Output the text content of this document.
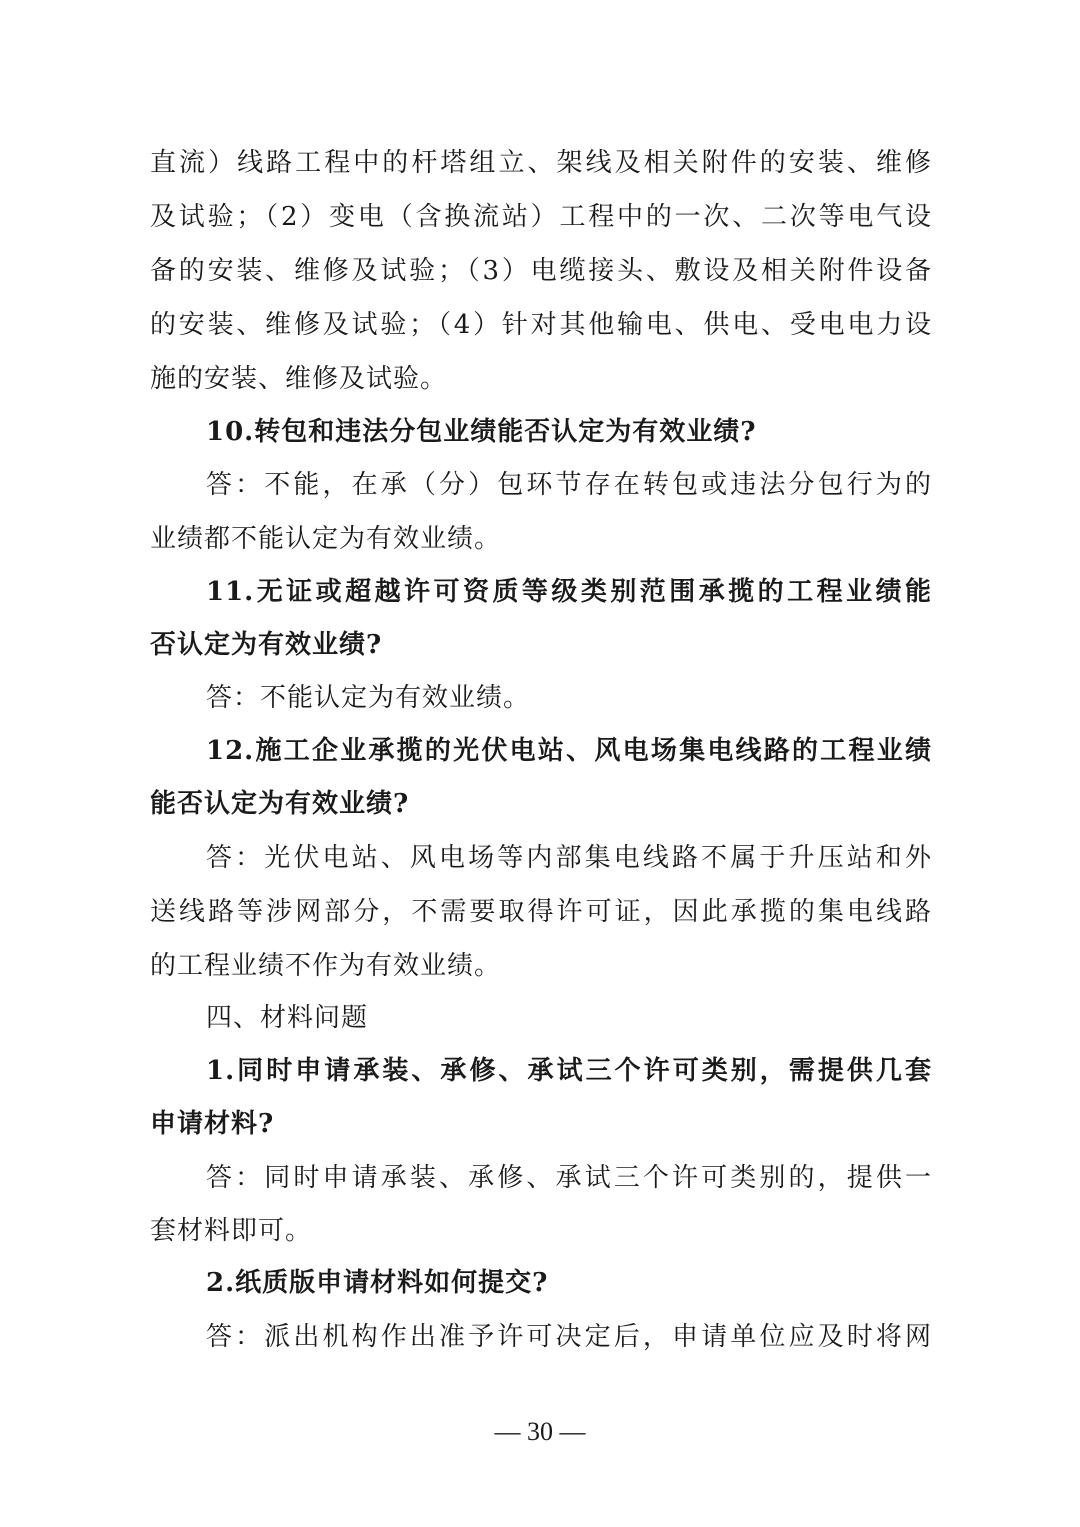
直流）线路工程中的杆塔组立、架线及相关附件的安装、维修
及试验；（2）变电（含换流站）工程中的一次、二次等电气设
备的安装、维修及试验；（3）电缆接头、敷设及相关附件设备
的安装、维修及试验；（4）针对其他输电、供电、受电电力设
施的安装、维修及试验。
10.转包和违法分包业绩能否认定为有效业绩?
答：不能，在承（分）包环节存在转包或违法分包行为的
业绩都不能认定为有效业绩。
11.无证或超越许可资质等级类别范围承揽的工程业绩能
否认定为有效业绩?
答：不能认定为有效业绩。
12.施工企业承揽的光伏电站、风电场集电线路的工程业绩
能否认定为有效业绩?
答：光伏电站、风电场等内部集电线路不属于升压站和外
送线路等涉网部分，不需要取得许可证，因此承揽的集电线路
的工程业绩不作为有效业绩。
四、材料问题
1.同时申请承装、承修、承试三个许可类别，需提供几套
申请材料?
答：同时申请承装、承修、承试三个许可类别的，提供一
套材料即可。
2.纸质版申请材料如何提交?
答：派出机构作出准予许可决定后，申请单位应及时将网
— 30 —
